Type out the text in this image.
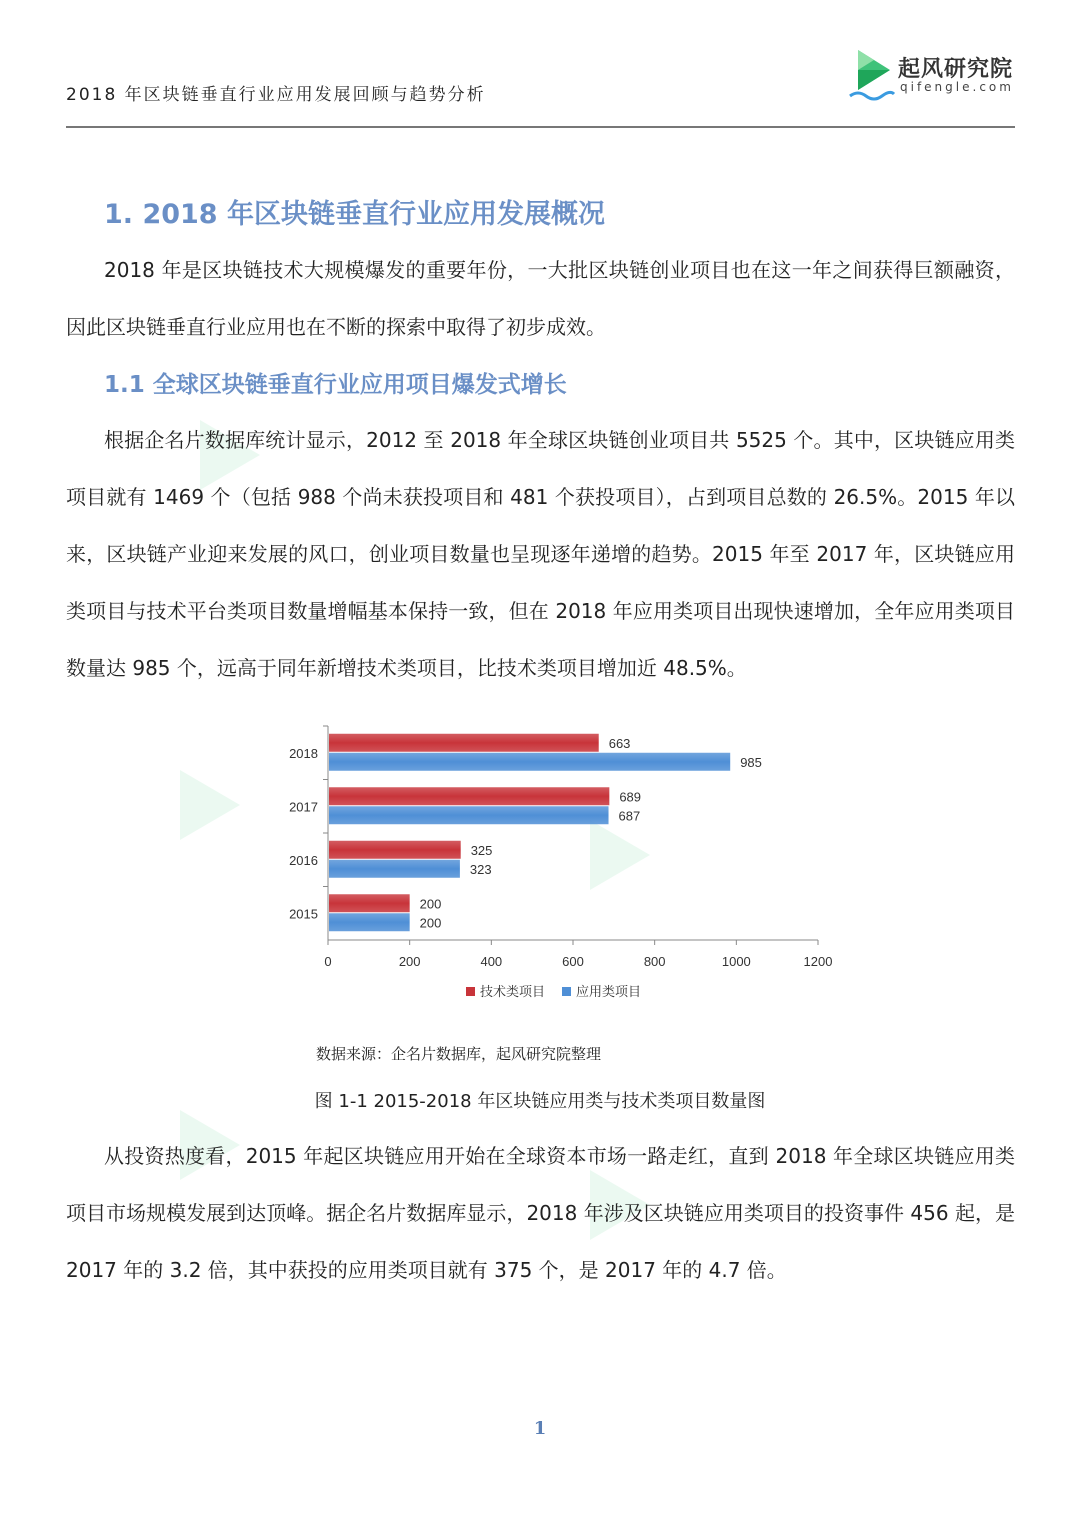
2018 年区块链垂直行业应用发展回顾与趋势分析
起风研究院
qifengle.com
1. 2018 年区块链垂直行业应用发展概况

2018 年是区块链技术大规模爆发的重要年份，一大批区块链创业项目也在这一年之间获得巨额融资，因此区块链垂直行业应用也在不断的探索中取得了初步成效。

1.1 全球区块链垂直行业应用项目爆发式增长

根据企名片数据库统计显示，2012 至 2018 年全球区块链创业项目共 5525 个。其中，区块链应用类项目就有 1469 个（包括 988 个尚未获投项目和 481 个获投项目），占到项目总数的 26.5%。2015 年以来，区块链产业迎来发展的风口，创业项目数量也呈现逐年递增的趋势。2015 年至 2017 年，区块链应用类项目与技术平台类项目数量增幅基本保持一致，但在 2018 年应用类项目出现快速增加，全年应用类项目数量达 985 个，远高于同年新增技术类项目，比技术类项目增加近 48.5%。

0	200	400	600	800	1000	1200
2018
663
985
2017
689
687
2016
325
323
2015
200
200
技术类项目 应用类项目
数据来源：企名片数据库，起风研究院整理
图 1-1 2015-2018 年区块链应用类与技术类项目数量图

从投资热度看，2015 年起区块链应用开始在全球资本市场一路走红，直到 2018 年全球区块链应用类项目市场规模发展到达顶峰。据企名片数据库显示，2018 年涉及区块链应用类项目的投资事件 456 起，是 2017 年的 3.2 倍，其中获投的应用类项目就有 375 个，是 2017 年的 4.7 倍。

1
